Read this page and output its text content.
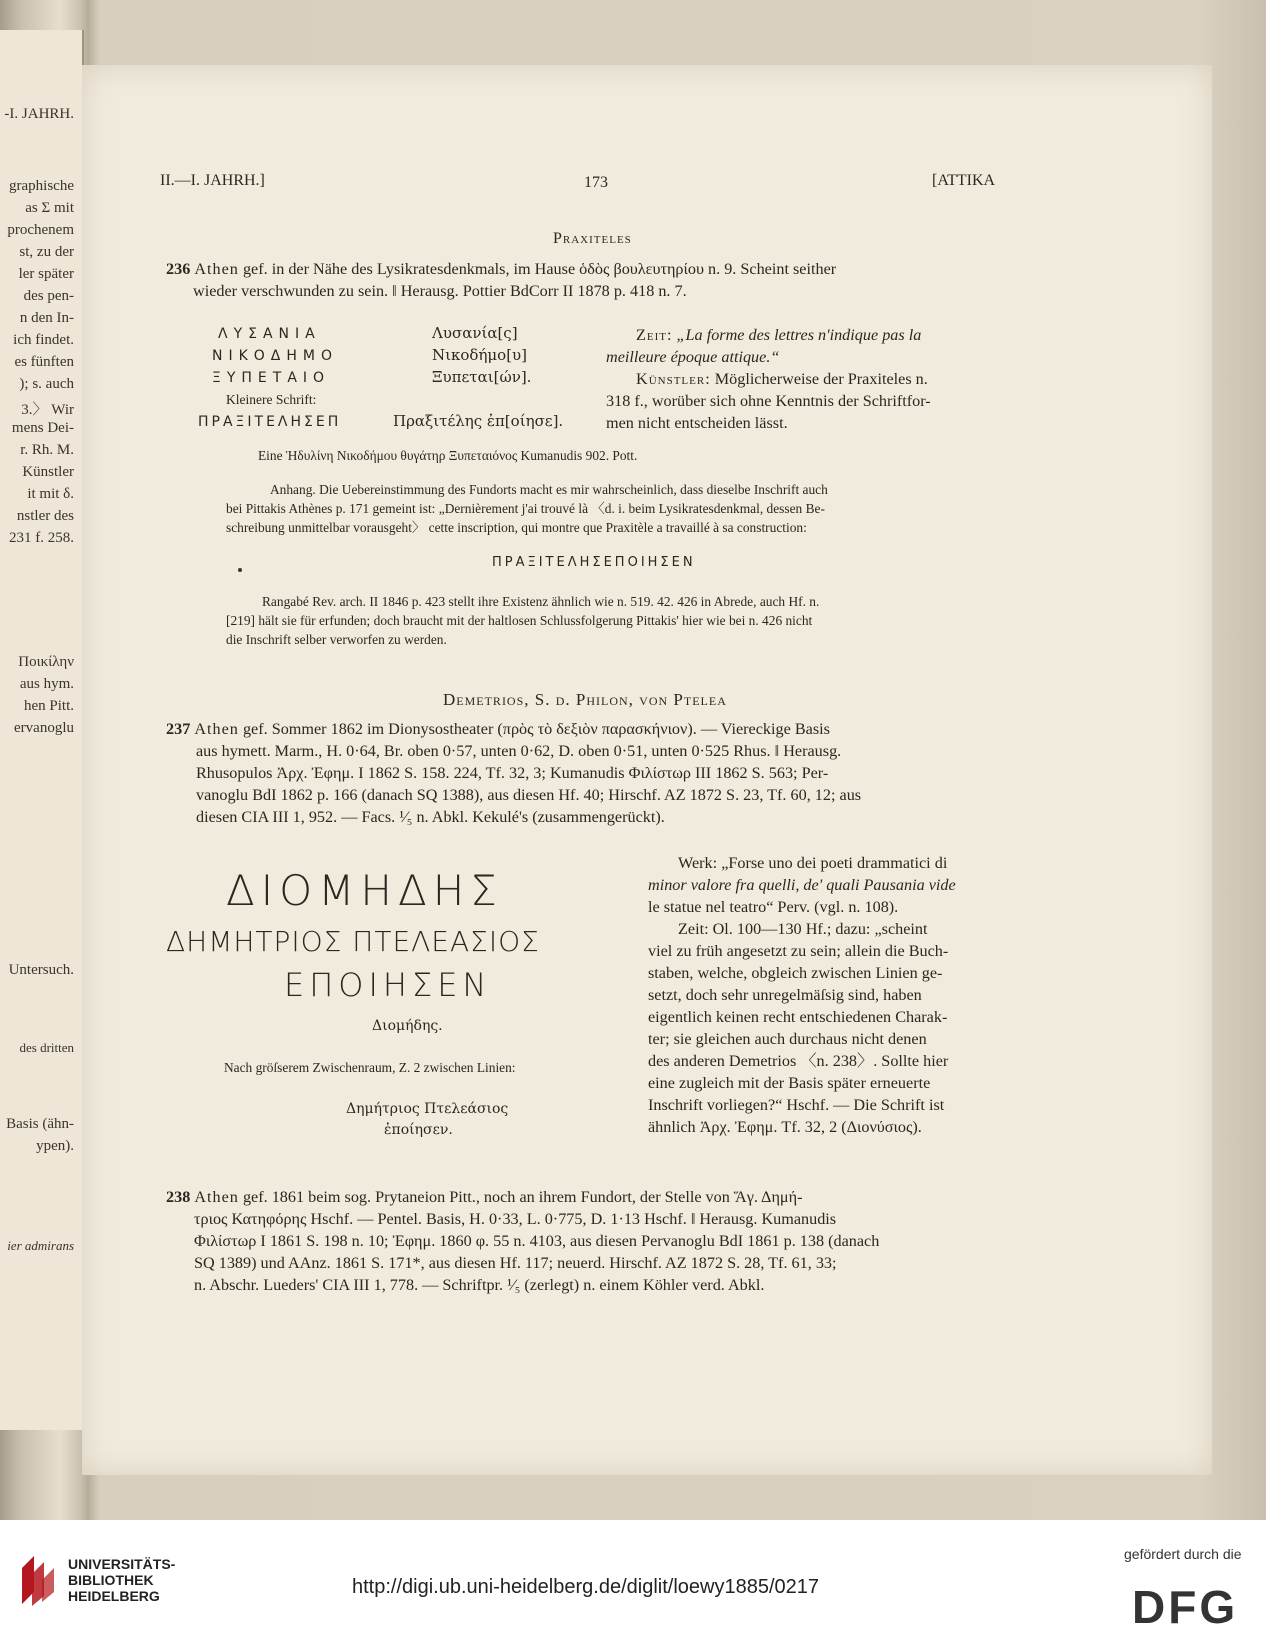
-I. JAHRH.
graphische
as Σ mit
prochenem
st, zu der
ler später
des pen-
n den In-
ich findet.
es fünften
); s. auch
3.〉 Wir
mens Dei-
r. Rh. M.
Künstler
it mit δ.
nstler des
231 f. 258.
Ποικίλην
aus hym.
hen Pitt.
ervanoglu
Untersuch.
des dritten
Basis (ähn-
ypen).
ier admirans
II.—I. JAHRH.]	173	[ATTIKA
Praxiteles
236 Athen gef. in der Nähe des Lysikratesdenkmals, im Hause ὁδὸς βουλευτηρίου n. 9. Scheint seither
wieder verschwunden zu sein. ‖ Herausg. Pottier BdCorr II 1878 p. 418 n. 7.
ΛΥΣΑΝΙΑ
ΝΙΚΟΔΗΜΟ
ΞΥΠΕΤΑΙΟ
Kleinere Schrift:
ΠΡΑΞΙΤΕΛΗΣΕΠ
Λυσανία[ς]
Νικοδήμο[υ]
Ξυπεται[ών].
Πραξιτέλης ἐπ[οίησε].
Zeit: „La forme des lettres n'indique pas la
meilleure époque attique.“
Künstler: Möglicherweise der Praxiteles n.
318 f., worüber sich ohne Kenntnis der Schriftfor-
men nicht entscheiden lässt.
Eine Ἡδυλίνη Νικοδήμου θυγάτηρ Ξυπεταιόνος Kumanudis 902. Pott.
Anhang. Die Uebereinstimmung des Fundorts macht es mir wahrscheinlich, dass dieselbe Inschrift auch
bei Pittakis Athènes p. 171 gemeint ist: „Dernièrement j'ai trouvé là 〈d. i. beim Lysikratesdenkmal, dessen Be-
schreibung unmittelbar vorausgeht〉 cette inscription, qui montre que Praxitèle a travaillé à sa construction:
ΠΡΑΞΙΤΕΛΗΣΕΠΟΙΗΣΕΝ
Rangabé Rev. arch. II 1846 p. 423 stellt ihre Existenz ähnlich wie n. 519. 42. 426 in Abrede, auch Hf. n.
[219] hält sie für erfunden; doch braucht mit der haltlosen Schlussfolgerung Pittakis' hier wie bei n. 426 nicht
die Inschrift selber verworfen zu werden.
Demetrios, S. d. Philon, von Ptelea
237 Athen gef. Sommer 1862 im Dionysostheater (πρὸς τὸ δεξιὸν παρασκήνιον). — Viereckige Basis
aus hymett. Marm., H. 0·64, Br. oben 0·57, unten 0·62, D. oben 0·51, unten 0·525 Rhus. ‖ Herausg.
Rhusopulos Ἀρχ. Ἐφημ. I 1862 S. 158. 224, Tf. 32, 3; Kumanudis Φιλίστωρ III 1862 S. 563; Per-
vanoglu BdI 1862 p. 166 (danach SQ 1388), aus diesen Hf. 40; Hirschf. AZ 1872 S. 23, Tf. 60, 12; aus
diesen CIA III 1, 952. — Facs. ¹⁄₅ n. Abkl. Kekulé's (zusammengerückt).
ΔΙΟΜΗΔΗΣ
ΔΗΜΗΤΡΙΟΣ ΠΤΕΛΕΑΣΙΟΣ
ΕΠΟΙΗΣΕΝ
Διομήδης.
Nach gröſserem Zwischenraum, Z. 2 zwischen Linien:
Δημήτριος Πτελεάσιος
ἐποίησεν.
Werk: „Forse uno dei poeti drammatici di
minor valore fra quelli, de' quali Pausania vide
le statue nel teatro“ Perv. (vgl. n. 108).
Zeit: Ol. 100—130 Hf.; dazu: „scheint
viel zu früh angesetzt zu sein; allein die Buch-
staben, welche, obgleich zwischen Linien ge-
setzt, doch sehr unregelmäſsig sind, haben
eigentlich keinen recht entschiedenen Charak-
ter; sie gleichen auch durchaus nicht denen
des anderen Demetrios 〈n. 238〉. Sollte hier
eine zugleich mit der Basis später erneuerte
Inschrift vorliegen?“ Hschf. — Die Schrift ist
ähnlich Ἀρχ. Ἐφημ. Tf. 32, 2 (Διονύσιος).
238 Athen gef. 1861 beim sog. Prytaneion Pitt., noch an ihrem Fundort, der Stelle von Ἅγ. Δημή-
τριος Κατηφόρης Hschf. — Pentel. Basis, H. 0·33, L. 0·775, D. 1·13 Hschf. ‖ Herausg. Kumanudis
Φιλίστωρ I 1861 S. 198 n. 10; Ἐφημ. 1860 φ. 55 n. 4103, aus diesen Pervanoglu BdI 1861 p. 138 (danach
SQ 1389) und AAnz. 1861 S. 171*, aus diesen Hf. 117; neuerd. Hirschf. AZ 1872 S. 28, Tf. 61, 33;
n. Abschr. Lueders' CIA III 1, 778. — Schriftpr. ¹⁄₅ (zerlegt) n. einem Köhler verd. Abkl.
UNIVERSITÄTS-
BIBLIOTHEK
HEIDELBERG	http://digi.ub.uni-heidelberg.de/diglit/loewy1885/0217
gefördert durch die
DFG
